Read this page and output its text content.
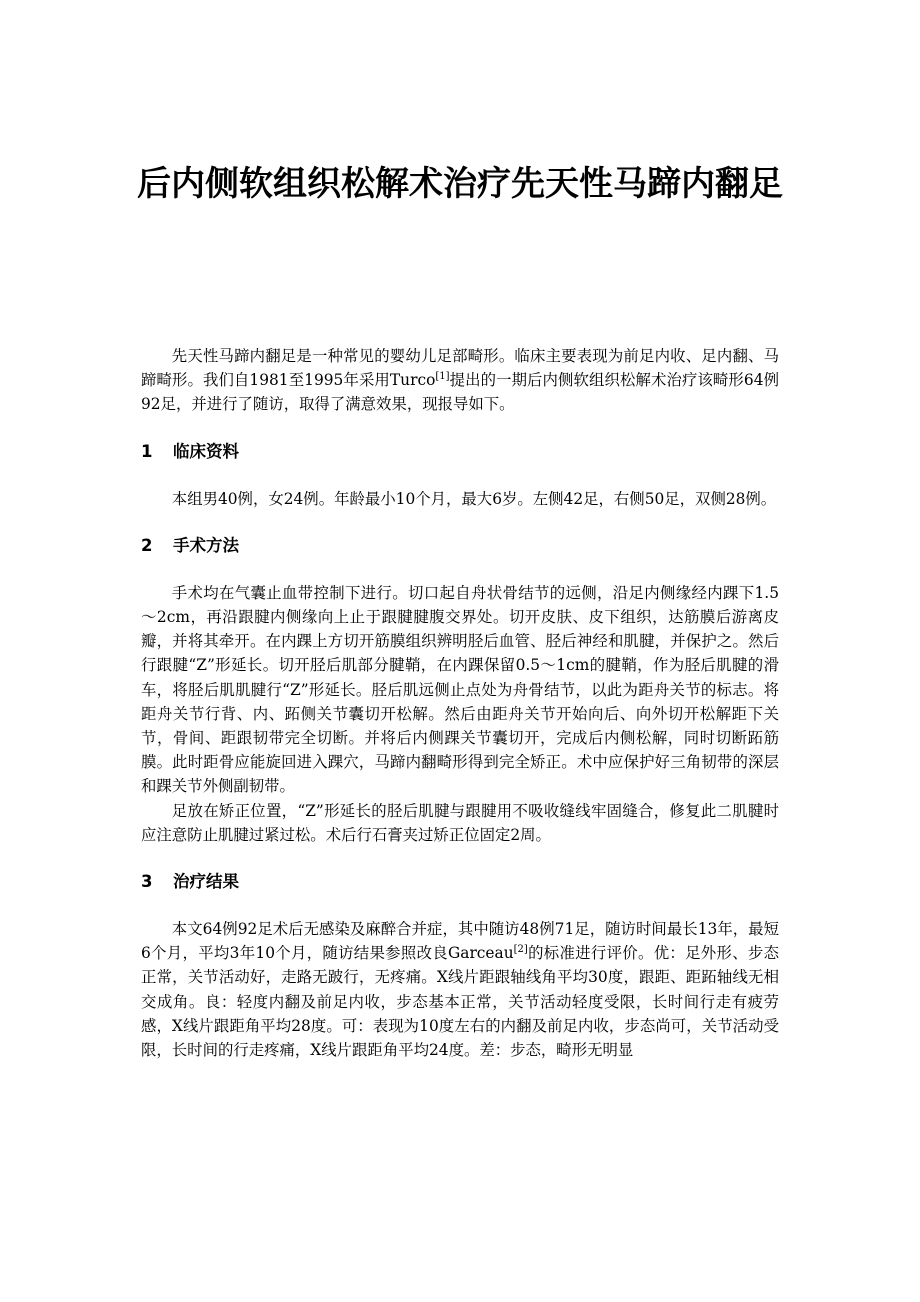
后内侧软组织松解术治疗先天性马蹄内翻足

先天性马蹄内翻足是一种常见的婴幼儿足部畸形。临床主要表现为前足内收、足内翻、马蹄畸形。我们自1981至1995年采用Turco[1]提出的一期后内侧软组织松解术治疗该畸形64例92足，并进行了随访，取得了满意效果，现报导如下。

1 临床资料

本组男40例，女24例。年龄最小10个月，最大6岁。左侧42足，右侧50足，双侧28例。

2 手术方法

手术均在气囊止血带控制下进行。切口起自舟状骨结节的远侧，沿足内侧缘经内踝下1.5～2cm，再沿跟腱内侧缘向上止于跟腱腱腹交界处。切开皮肤、皮下组织，达筋膜后游离皮瓣，并将其牵开。在内踝上方切开筋膜组织辨明胫后血管、胫后神经和肌腱，并保护之。然后行跟腱“Z”形延长。切开胫后肌部分腱鞘，在内踝保留0.5～1cm的腱鞘，作为胫后肌腱的滑车，将胫后肌肌腱行“Z”形延长。胫后肌远侧止点处为舟骨结节，以此为距舟关节的标志。将距舟关节行背、内、跖侧关节囊切开松解。然后由距舟关节开始向后、向外切开松解距下关节，骨间、距跟韧带完全切断。并将后内侧踝关节囊切开，完成后内侧松解，同时切断跖筋膜。此时距骨应能旋回进入踝穴，马蹄内翻畸形得到完全矫正。术中应保护好三角韧带的深层和踝关节外侧副韧带。

足放在矫正位置，“Z”形延长的胫后肌腱与跟腱用不吸收缝线牢固缝合，修复此二肌腱时应注意防止肌腱过紧过松。术后行石膏夹过矫正位固定2周。

3 治疗结果

本文64例92足术后无感染及麻醉合并症，其中随访48例71足，随访时间最长13年，最短6个月，平均3年10个月，随访结果参照改良Garceau[2]的标准进行评价。优：足外形、步态正常，关节活动好，走路无跛行，无疼痛。X线片距跟轴线角平均30度，跟距、距跖轴线无相交成角。良：轻度内翻及前足内收，步态基本正常，关节活动轻度受限，长时间行走有疲劳感，X线片跟距角平均28度。可：表现为10度左右的内翻及前足内收，步态尚可，关节活动受限，长时间的行走疼痛，X线片跟距角平均24度。差：步态，畸形无明显
